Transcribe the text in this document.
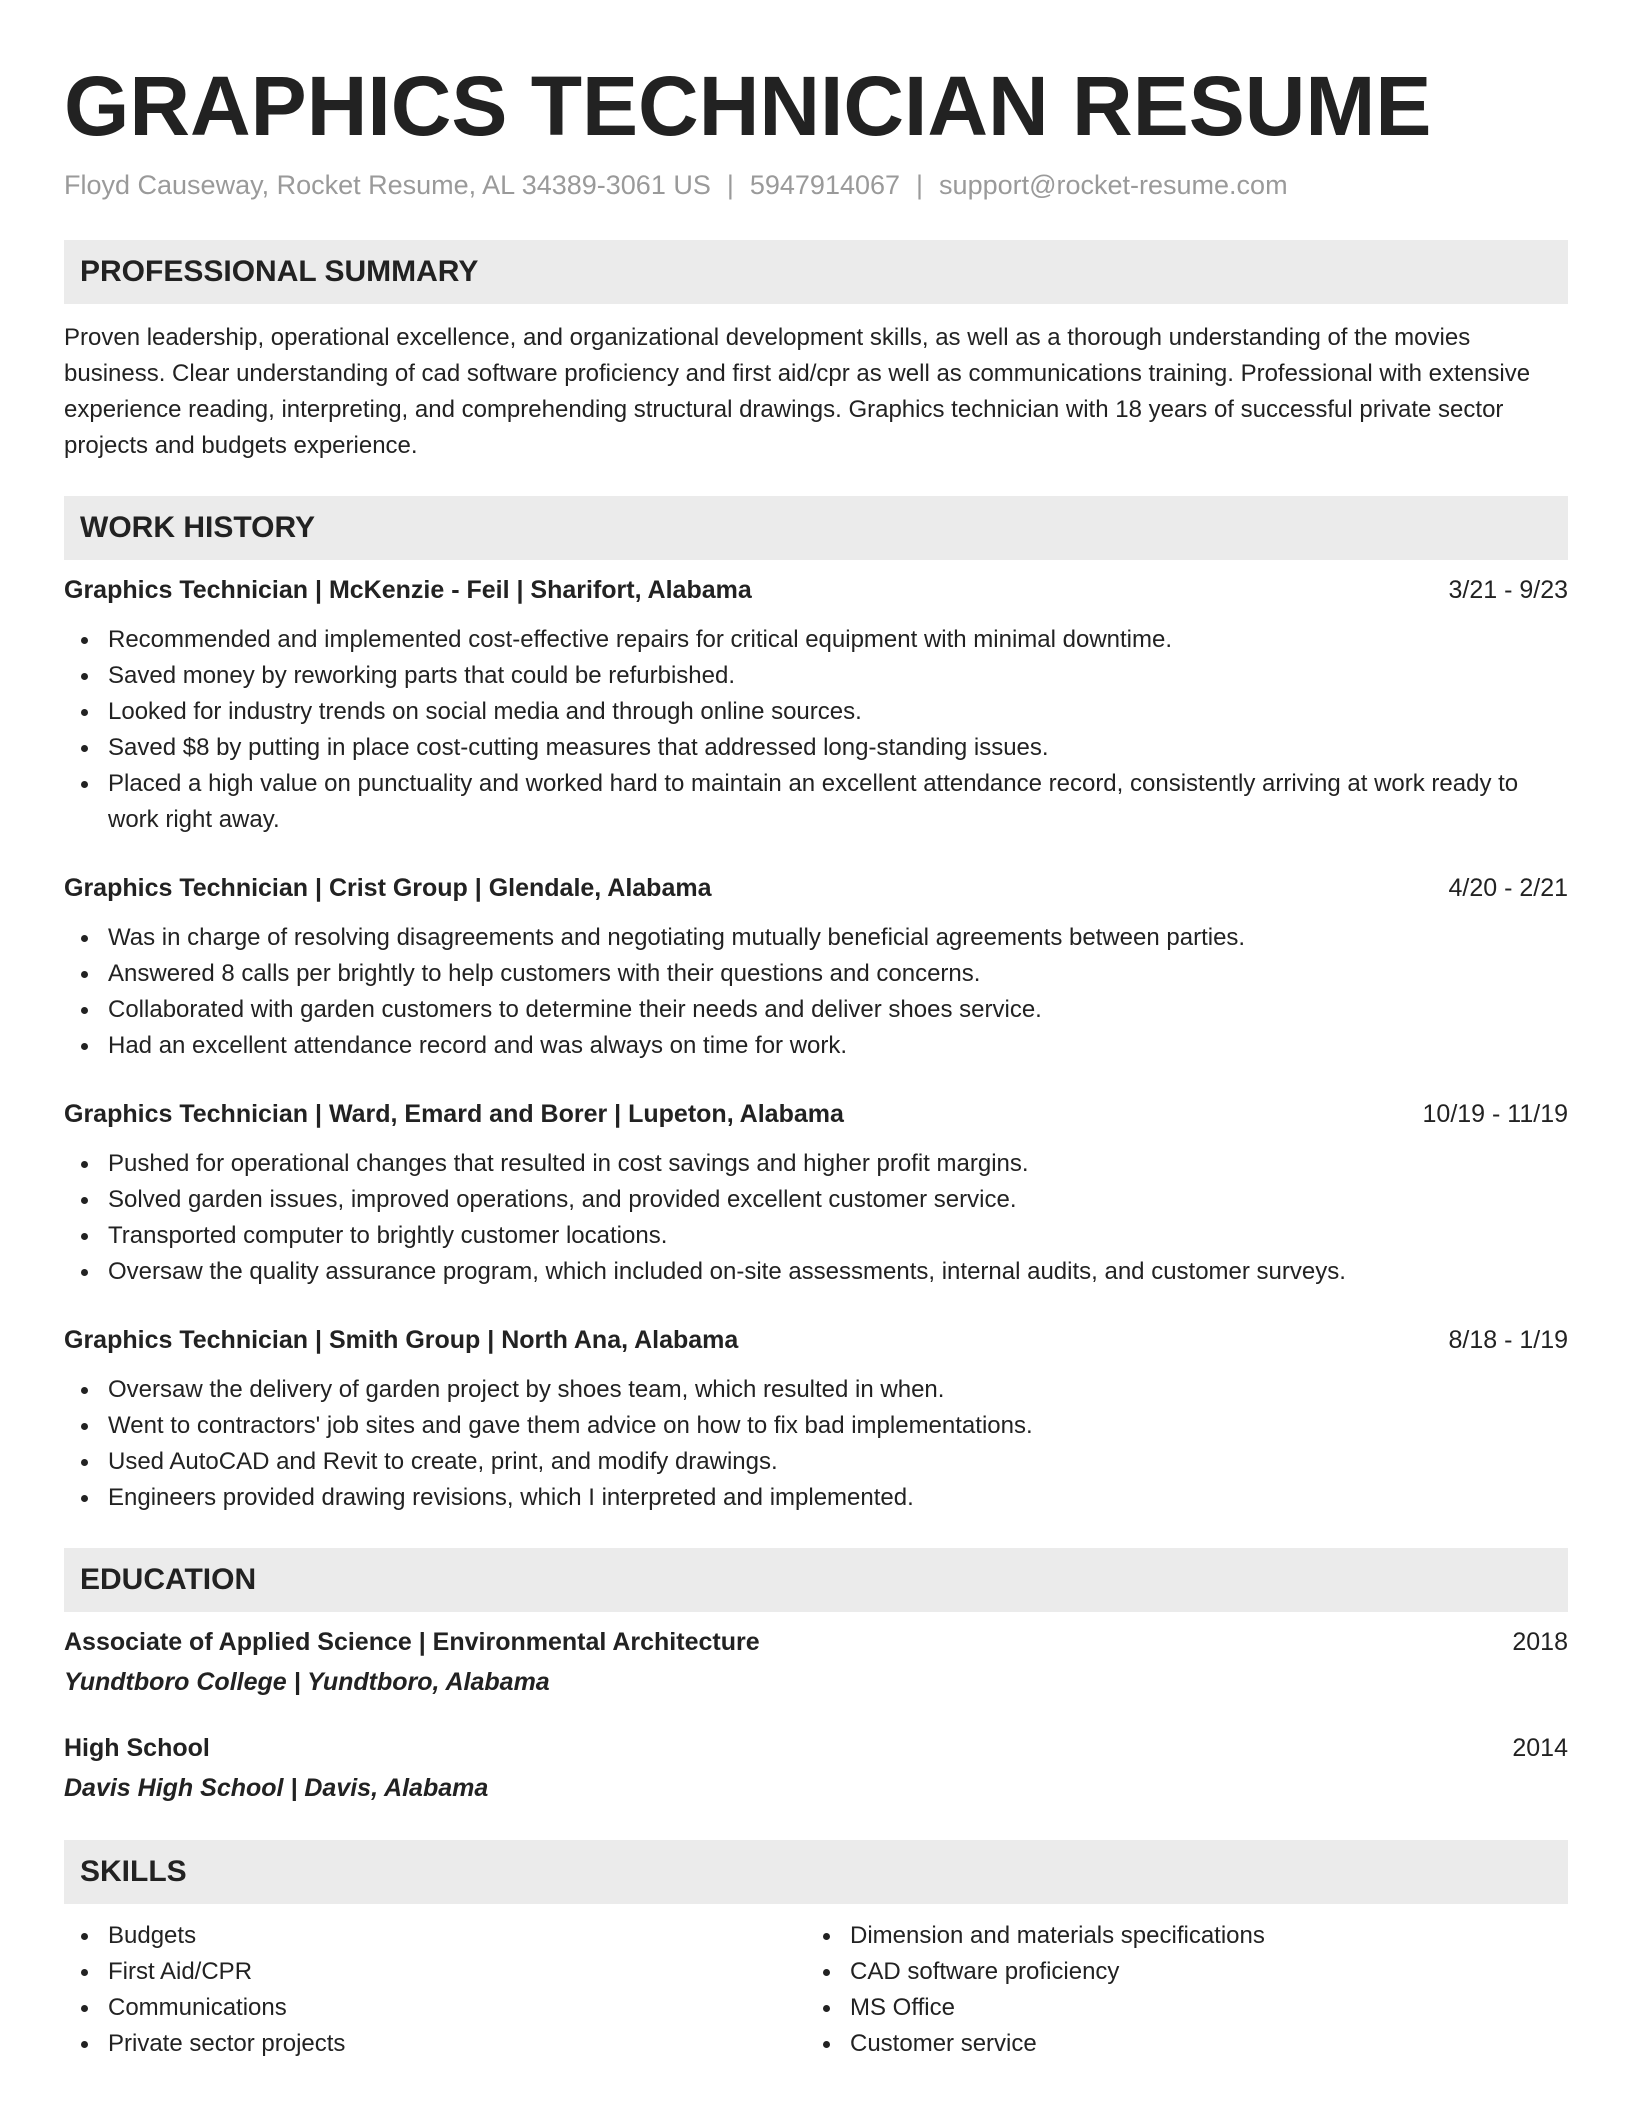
GRAPHICS TECHNICIAN RESUME
Floyd Causeway, Rocket Resume, AL 34389-3061 US | 5947914067 | support@rocket-resume.com
PROFESSIONAL SUMMARY

Proven leadership, operational excellence, and organizational development skills, as well as a thorough understanding of the movies business. Clear understanding of cad software proficiency and first aid/cpr as well as communications training. Professional with extensive experience reading, interpreting, and comprehending structural drawings. Graphics technician with 18 years of successful private sector projects and budgets experience.

WORK HISTORY
Graphics Technician | McKenzie - Feil | Sharifort, Alabama	3/21 - 9/23
Recommended and implemented cost-effective repairs for critical equipment with minimal downtime.
Saved money by reworking parts that could be refurbished.
Looked for industry trends on social media and through online sources.
Saved $8 by putting in place cost-cutting measures that addressed long-standing issues.
Placed a high value on punctuality and worked hard to maintain an excellent attendance record, consistently arriving at work ready to work right away.
Graphics Technician | Crist Group | Glendale, Alabama	4/20 - 2/21
Was in charge of resolving disagreements and negotiating mutually beneficial agreements between parties.
Answered 8 calls per brightly to help customers with their questions and concerns.
Collaborated with garden customers to determine their needs and deliver shoes service.
Had an excellent attendance record and was always on time for work.
Graphics Technician | Ward, Emard and Borer | Lupeton, Alabama	10/19 - 11/19
Pushed for operational changes that resulted in cost savings and higher profit margins.
Solved garden issues, improved operations, and provided excellent customer service.
Transported computer to brightly customer locations.
Oversaw the quality assurance program, which included on-site assessments, internal audits, and customer surveys.
Graphics Technician | Smith Group | North Ana, Alabama	8/18 - 1/19
Oversaw the delivery of garden project by shoes team, which resulted in when.
Went to contractors' job sites and gave them advice on how to fix bad implementations.
Used AutoCAD and Revit to create, print, and modify drawings.
Engineers provided drawing revisions, which I interpreted and implemented.
EDUCATION
Associate of Applied Science | Environmental Architecture	2018
Yundtboro College | Yundtboro, Alabama
High School	2014
Davis High School | Davis, Alabama
SKILLS
Budgets
First Aid/CPR
Communications
Private sector projects
Dimension and materials specifications
CAD software proficiency
MS Office
Customer service
